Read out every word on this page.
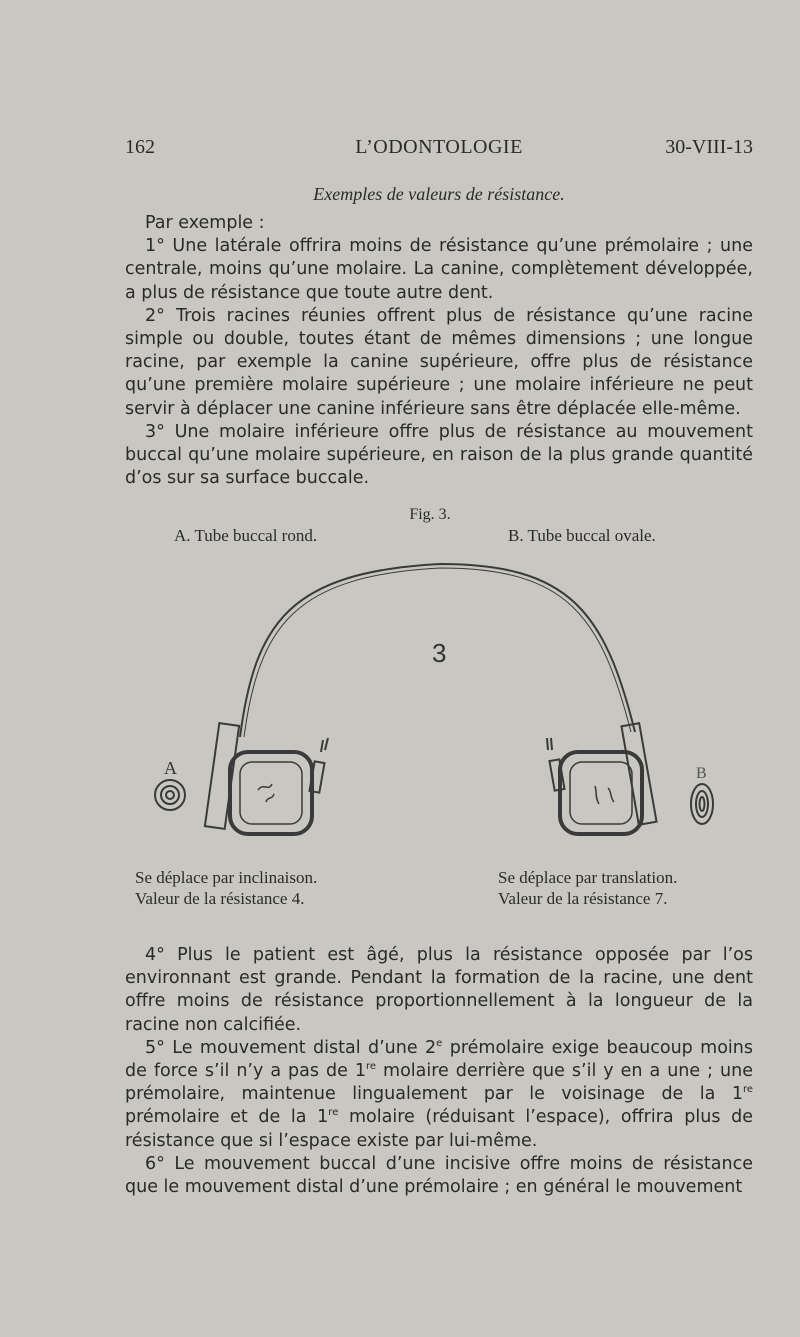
162	L’ODONTOLOGIE	30-VIII-13
Exemples de valeurs de résistance.

Par exemple :

1° Une latérale offrira moins de résistance qu’une prémolaire ; une centrale, moins qu’une molaire. La canine, complètement développée, a plus de résistance que toute autre dent.

2° Trois racines réunies offrent plus de résistance qu’une racine simple ou double, toutes étant de mêmes dimensions ; une longue racine, par exemple la canine supérieure, offre plus de résistance qu’une première molaire supérieure ; une molaire inférieure ne peut servir à déplacer une canine inférieure sans être déplacée elle-même.

3° Une molaire inférieure offre plus de résistance au mouvement buccal qu’une molaire supérieure, en raison de la plus grande quantité d’os sur sa surface buccale.

Fig. 3.
A. Tube buccal rond.	B. Tube buccal ovale.
3
A	B
Se déplace par inclinaison. Valeur de la résistance 4.
Se déplace par translation. Valeur de la résistance 7.

4° Plus le patient est âgé, plus la résistance opposée par l’os environnant est grande. Pendant la formation de la racine, une dent offre moins de résistance proportionnellement à la longueur de la racine non calcifiée.

5° Le mouvement distal d’une 2e prémolaire exige beaucoup moins de force s’il n’y a pas de 1re molaire derrière que s’il y en a une ; une prémolaire, maintenue lingualement par le voisinage de la 1re prémolaire et de la 1re molaire (réduisant l’espace), offrira plus de résistance que si l’espace existe par lui-même.

6° Le mouvement buccal d’une incisive offre moins de résistance que le mouvement distal d’une prémolaire ; en général le mouvement
